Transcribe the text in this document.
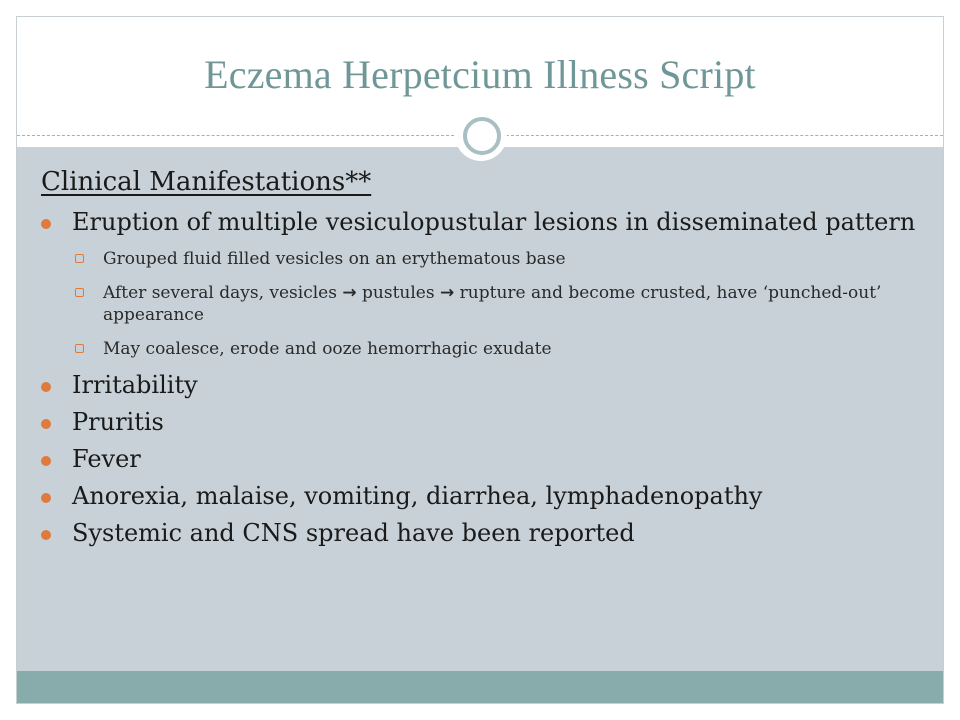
Eczema Herpetcium Illness Script
Clinical Manifestations**
Eruption of multiple vesiculopustular lesions in disseminated pattern
Grouped fluid filled vesicles on an erythematous base
After several days, vesicles → pustules → rupture and become crusted, have ‘punched-out’ appearance
May coalesce, erode and ooze hemorrhagic exudate
Irritability
Pruritis
Fever
Anorexia, malaise, vomiting, diarrhea, lymphadenopathy
Systemic and CNS spread have been reported
